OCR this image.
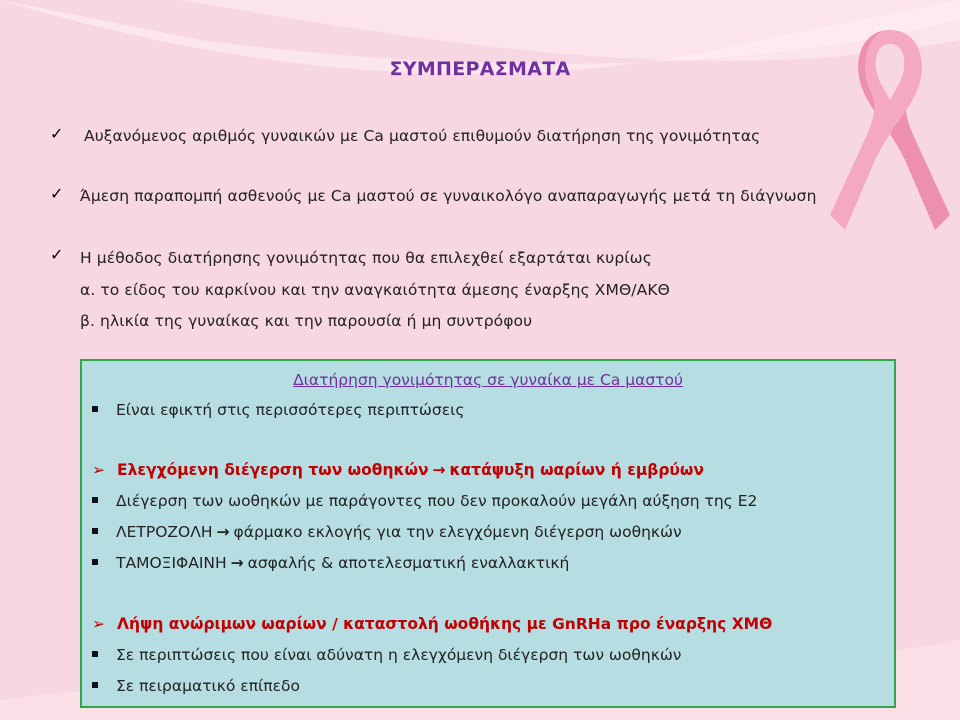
ΣΥΜΠΕΡΑΣΜΑΤΑ
✓ Αυξανόμενος αριθμός γυναικών με Ca μαστού επιθυμούν διατήρηση της γονιμότητας
✓ Άμεση παραπομπή ασθενούς με Ca μαστού σε γυναικολόγο αναπαραγωγής μετά τη διάγνωση
✓ Η μέθοδος διατήρησης γονιμότητας που θα επιλεχθεί εξαρτάται κυρίως
α. το είδος του καρκίνου και την αναγκαιότητα άμεσης έναρξης ΧΜΘ/ΑΚΘ
β. ηλικία της γυναίκας και την παρουσία ή μη συντρόφου
Διατήρηση γονιμότητας σε γυναίκα με Ca μαστού
Είναι εφικτή στις περισσότερες περιπτώσεις
➢ Ελεγχόμενη διέγερση των ωοθηκών → κατάψυξη ωαρίων ή εμβρύων
Διέγερση των ωοθηκών με παράγοντες που δεν προκαλούν μεγάλη αύξηση της Ε2
ΛΕΤΡΟΖΟΛΗ → φάρμακο εκλογής για την ελεγχόμενη διέγερση ωοθηκών
ΤΑΜΟΞΙΦΑΙΝΗ → ασφαλής & αποτελεσματική εναλλακτική
➢ Λήψη ανώριμων ωαρίων / καταστολή ωοθήκης με GnRHa προ έναρξης ΧΜΘ
Σε περιπτώσεις που είναι αδύνατη η ελεγχόμενη διέγερση των ωοθηκών
Σε πειραματικό επίπεδο
